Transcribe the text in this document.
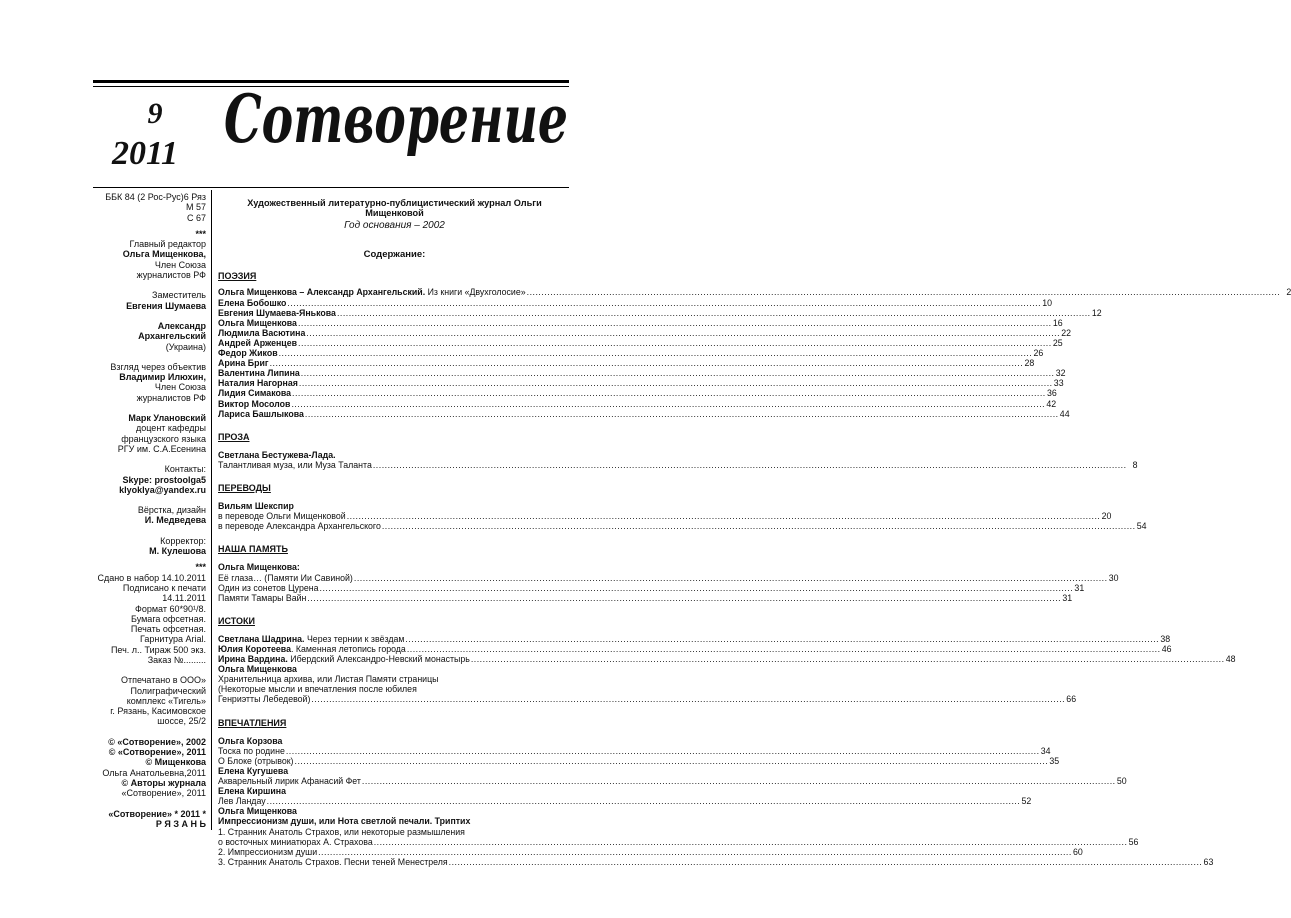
9
2011 Сотворение

ББК 84 (2 Рос-Рус)6 Ряз

М 57

С 67

***

Главный редактор

Ольга Мищенкова,

Член Союза

журналистов РФ

Заместитель

Евгения Шумаева

Александр

Архангельский

(Украина)

Взгляд через объектив

Владимир Илюхин,

Член Союза

журналистов РФ

Марк Улановский

доцент кафедры

французского языка

РГУ им. С.А.Есенина

Контакты:

Skype: prostoolga5

klyoklya@yandex.ru

Вёрстка, дизайн

И. Медведева

Корректор:

М. Кулешова

***

Сдано в набор 14.10.2011

Подписано к печати

14.11.2011

Формат 60*90¹/8.

Бумага офсетная.

Печать офсетная.

Гарнитура Arial.

Печ. л.. Тираж 500 экз.

Заказ №.........

Отпечатано в ООО»

Полиграфический

комплекс «Тигель»

г. Рязань, Касимовское

шоссе, 25/2

© «Сотворение», 2002

© «Сотворение», 2011

© Мищенкова

Ольга Анатольевна,2011

© Авторы журнала

«Сотворение», 2011

«Сотворение» * 2011 *

Р Я З А Н Ь

Художественный литературно-публицистический журнал Ольги Мищенковой

Год основания – 2002

Содержание:

ПОЭЗИЯ

Ольга Мищенкова – Александр Архангельский. Из книги «Двухголосие» .....	2
Елена Бобошко .....	10
Евгения Шумаева-Янькова .....	12
Ольга Мищенкова .....	16
Людмила Васютина .....	22
Андрей Арженцев .....	25
Федор Жиков .....	26
Арина Бриг .....	28
Валентина Липина .....	32
Наталия Нагорная .....	33
Лидия Симакова .....	36
Виктор Мосолов .....	42
Лариса Башлыкова .....	44

ПРОЗА

Светлана Бестужева-Лада.
Талантливая муза, или Муза Таланта .....	8

ПЕРЕВОДЫ

Вильям Шекспир
в переводе Ольги Мищенковой .....	20
в переводе Александра Архангельского .....	54

НАША ПАМЯТЬ

Ольга Мищенкова:
Её глаза… (Памяти Ии Савиной) .....	30
Один из сонетов Цурена .....	31
Памяти Тамары Вайн .....	31

ИСТОКИ

Светлана Шадрина. Через тернии к звёздам .....	38
Юлия Коротеева. Каменная летопись города .....	46
Ирина Вардина. Ибердский Александро-Невский монастырь .....	48
Ольга Мищенкова
Хранительница архива, или Листая Памяти страницы
(Некоторые мысли и впечатления после юбилея
Генриэтты Лебедевой) .....	66

ВПЕЧАТЛЕНИЯ

Ольга Корзова
Тоска по родине .....	34
О Блоке (отрывок) .....	35
Елена Кугушева
Акварельный лирик Афанасий Фет .....	50
Елена Киршина
Лев Ландау .....	52
Ольга Мищенкова
Импрессионизм души, или Нота светлой печали. Триптих
1. Странник Анатоль Страхов, или некоторые размышления
о восточных миниатюрах А. Страхова .....	56
2. Импрессионизм души .....	60
3. Странник Анатоль Страхов. Песни теней Менестреля .....	63
